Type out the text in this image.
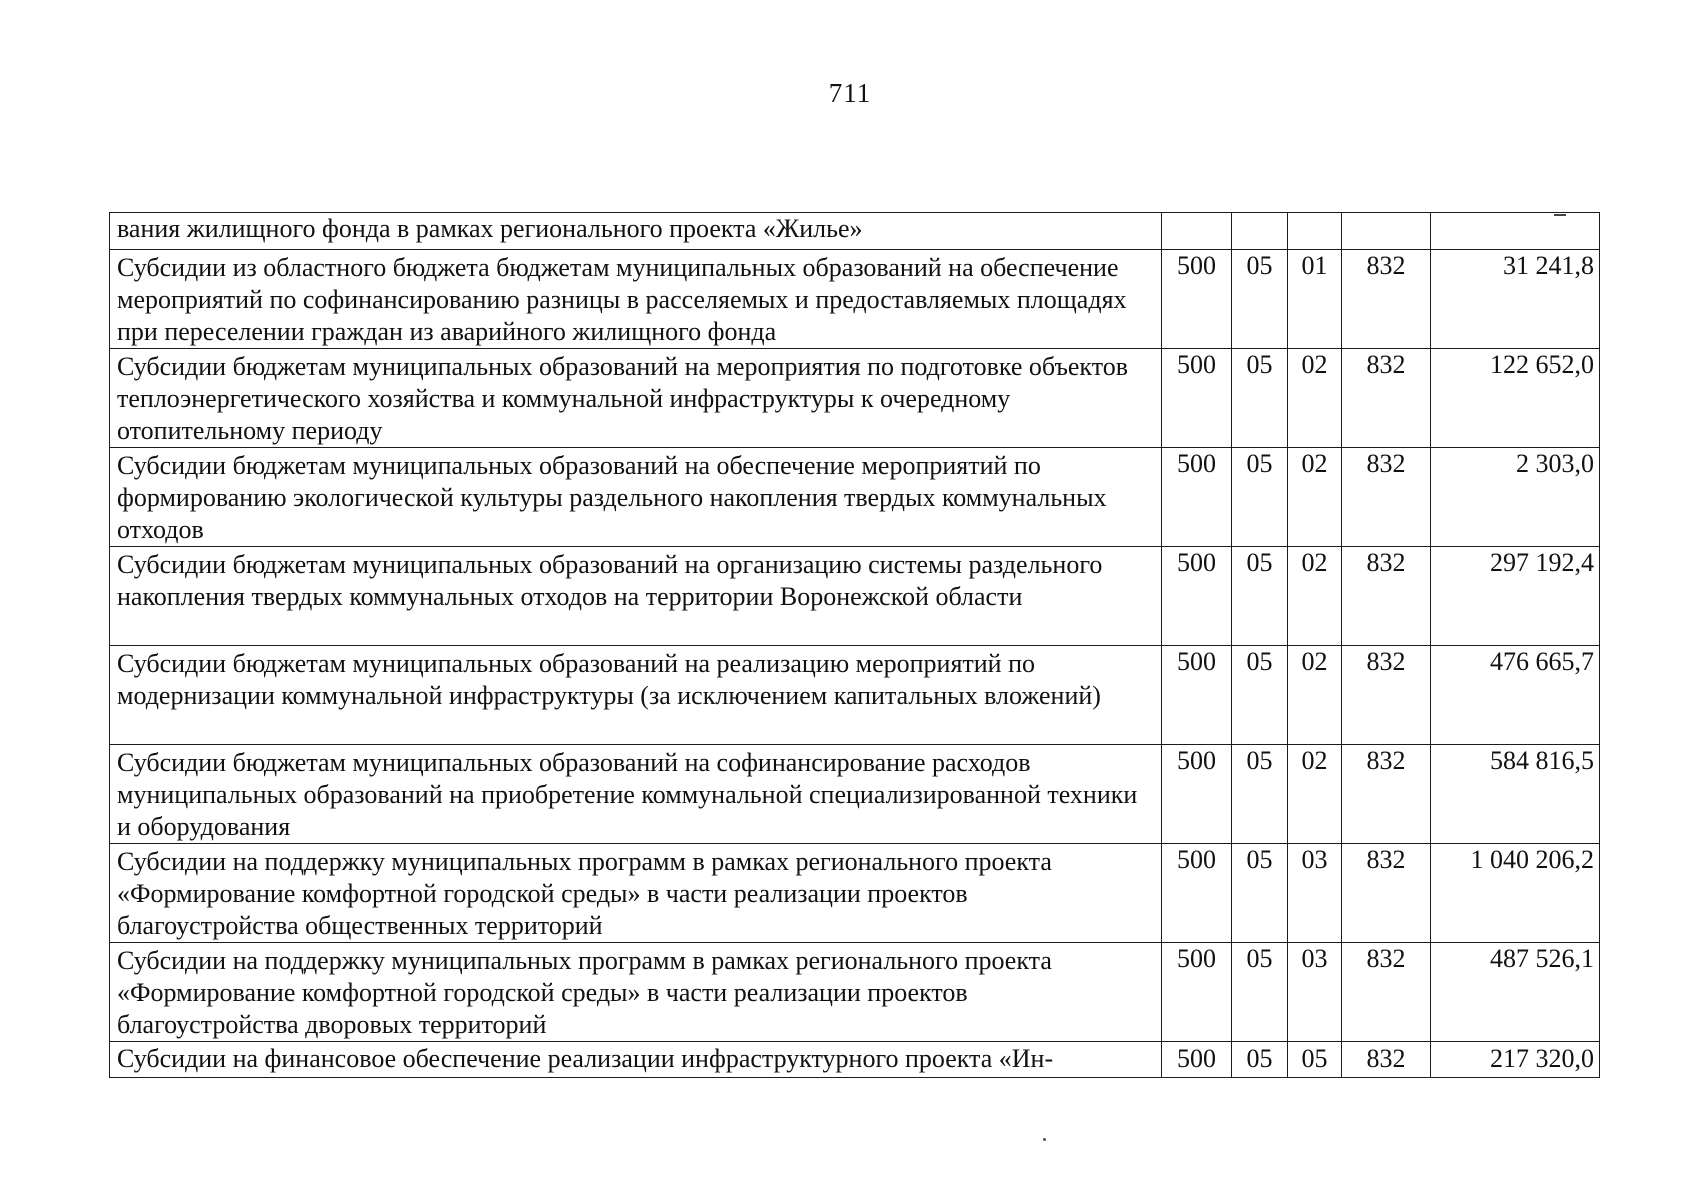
711
вания жилищного фонда в рамках регионального проекта «Жилье»					
Субсидии из областного бюджета бюджетам муниципальных образований на обеспечение мероприятий по софинансированию разницы в расселяемых и предоставляемых площадях при переселении граждан из аварийного жилищного фонда	500	05	01	832	31 241,8
Субсидии бюджетам муниципальных образований на мероприятия по подготовке объектов теплоэнергетического хозяйства и коммунальной инфраструктуры к очередному отопительному периоду	500	05	02	832	122 652,0
Субсидии бюджетам муниципальных образований на обеспечение мероприятий по формированию экологической культуры раздельного накопления твердых коммунальных отходов	500	05	02	832	2 303,0
Субсидии бюджетам муниципальных образований на организацию системы раздельного накопления твердых коммунальных отходов на территории Воронежской области	500	05	02	832	297 192,4
Субсидии бюджетам муниципальных образований на реализацию мероприятий по модернизации коммунальной инфраструктуры (за исключением капитальных вложений)	500	05	02	832	476 665,7
Субсидии бюджетам муниципальных образований на софинансирование расходов муниципальных образований на приобретение коммунальной специализированной техники и оборудования	500	05	02	832	584 816,5
Субсидии на поддержку муниципальных программ в рамках регионального проекта «Формирование комфортной городской среды» в части реализации проектов благоустройства общественных территорий	500	05	03	832	1 040 206,2
Субсидии на поддержку муниципальных программ в рамках регионального проекта «Формирование комфортной городской среды» в части реализации проектов благоустройства дворовых территорий	500	05	03	832	487 526,1
Субсидии на финансовое обеспечение реализации инфраструктурного проекта «Ин-	500	05	05	832	217 320,0
